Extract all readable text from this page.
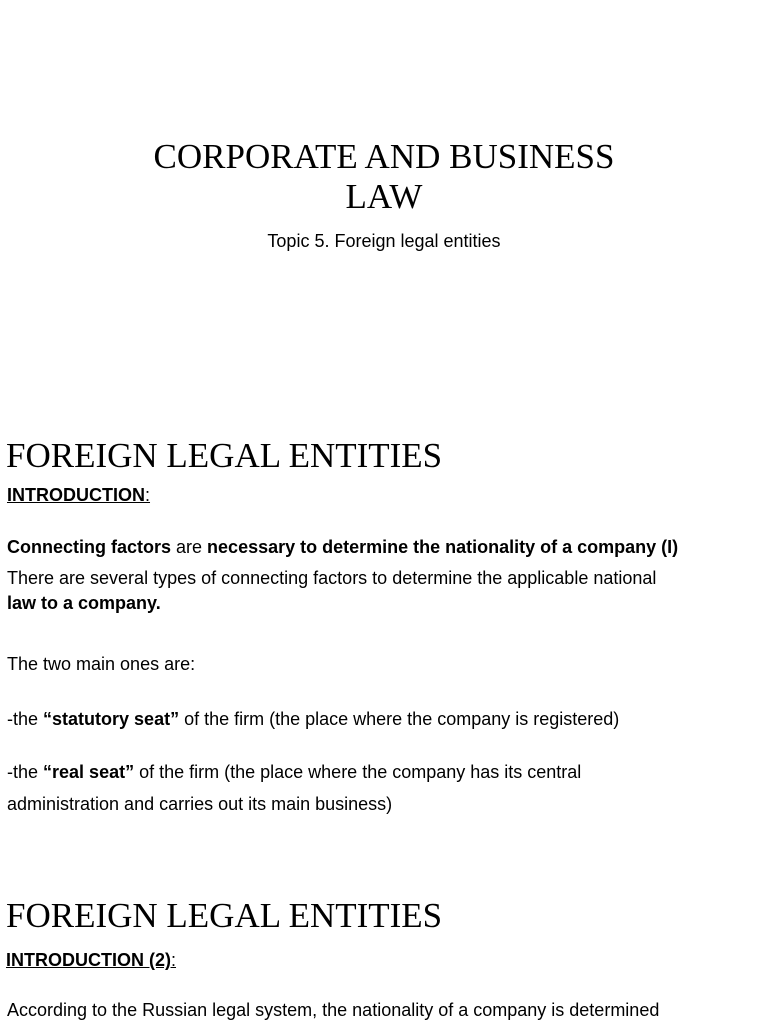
CORPORATE AND BUSINESS
LAW
Topic 5. Foreign legal entities
FOREIGN LEGAL ENTITIES
INTRODUCTION:
Connecting factors are necessary to determine the nationality of a company (I)
There are several types of connecting factors to determine the applicable national
law to a company.
The two main ones are:
-the “statutory seat” of the firm (the place where the company is registered)
-the “real seat” of the firm (the place where the company has its central
administration and carries out its main business)
FOREIGN LEGAL ENTITIES
INTRODUCTION (2):
According to the Russian legal system, the nationality of a company is determined
